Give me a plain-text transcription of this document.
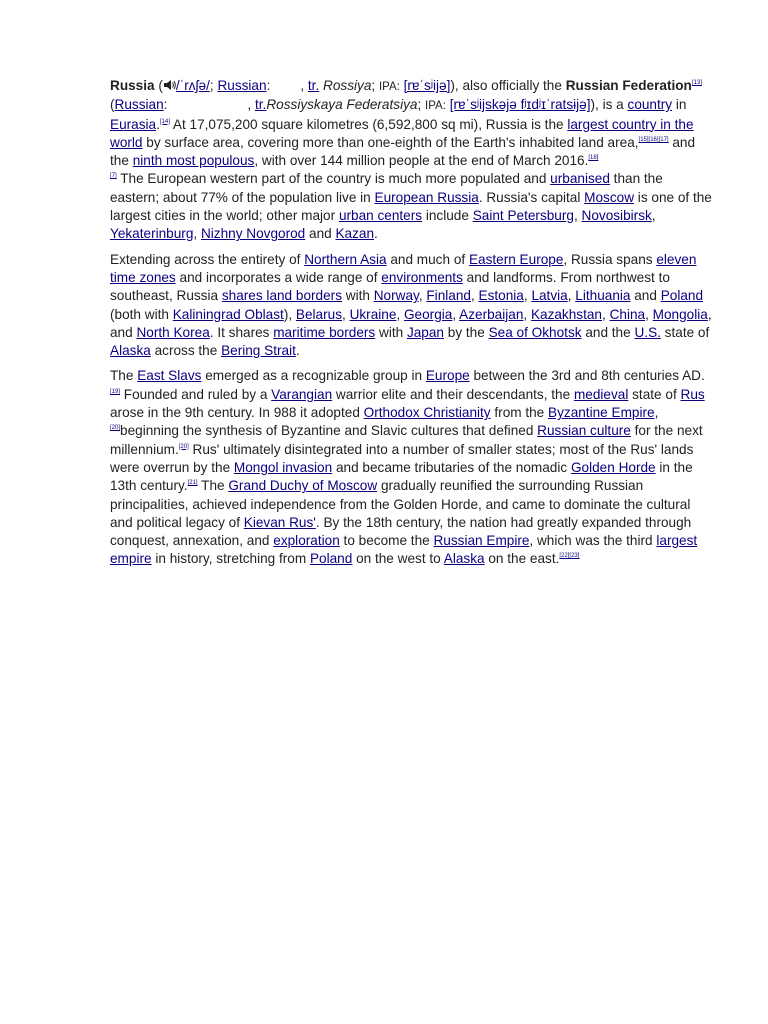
Russia ( /ˈrʌʃə/; Russian: , tr. Rossiya; IPA: [rɐˈsʲijə]), also officially the Russian Federation[13] (Russian:	, tr.Rossiyskaya Federatsiya; IPA: [rɐˈsʲijskəjə fʲɪdʲɪˈratsɨjə]), is a country in Eurasia.[14] At 17,075,200 square kilometres (6,592,800 sq mi), Russia is the largest country in the world by surface area, covering more than one-eighth of the Earth's inhabited land area,[15][16][17] and the ninth most populous, with over 144 million people at the end of March 2016.[18]
[7] The European western part of the country is much more populated and urbanised than the eastern; about 77% of the population live in European Russia. Russia's capital Moscow is one of the largest cities in the world; other major urban centers include Saint Petersburg, Novosibirsk, Yekaterinburg, Nizhny Novgorod and Kazan.

Extending across the entirety of Northern Asia and much of Eastern Europe, Russia spans eleven time zones and incorporates a wide range of environments and landforms. From northwest to southeast, Russia shares land borders with Norway, Finland, Estonia, Latvia, Lithuania and Poland (both with Kaliningrad Oblast), Belarus, Ukraine, Georgia, Azerbaijan, Kazakhstan, China, Mongolia, and North Korea. It shares maritime borders with Japan by the Sea of Okhotsk and the U.S. state of Alaska across the Bering Strait.

The East Slavs emerged as a recognizable group in Europe between the 3rd and 8th centuries AD.
[19] Founded and ruled by a Varangian warrior elite and their descendants, the medieval state of Rus arose in the 9th century. In 988 it adopted Orthodox Christianity from the Byzantine Empire,
[20]beginning the synthesis of Byzantine and Slavic cultures that defined Russian culture for the next millennium.[20] Rus' ultimately disintegrated into a number of smaller states; most of the Rus' lands were overrun by the Mongol invasion and became tributaries of the nomadic Golden Horde in the 13th century.[21] The Grand Duchy of Moscow gradually reunified the surrounding Russian principalities, achieved independence from the Golden Horde, and came to dominate the cultural and political legacy of Kievan Rus'. By the 18th century, the nation had greatly expanded through conquest, annexation, and exploration to become the Russian Empire, which was the third largest empire in history, stretching from Poland on the west to Alaska on the east.[22][23]
